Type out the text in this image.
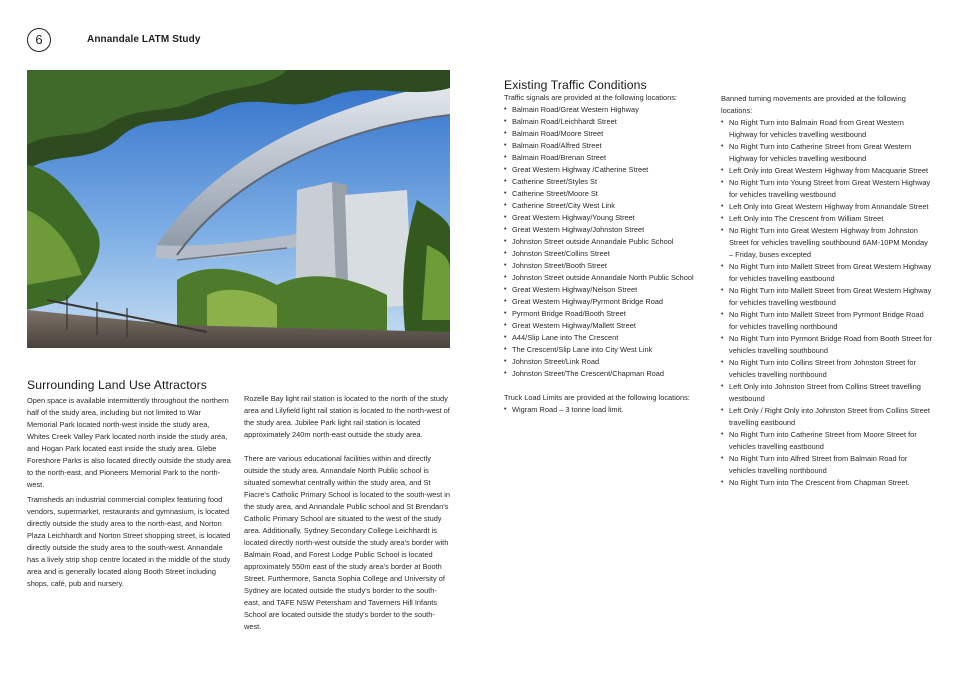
6	Annandale LATM Study
Surrounding Land Use Attractors

Open space is available intermittently throughout the northern half of the study area, including but not limited to War Memorial Park located north-west inside the study area, Whites Creek Valley Park located north inside the study area, and Hogan Park located east inside the study area. Glebe Foreshore Parks is also located directly outside the study area to the north-east, and Pioneers Memorial Park to the north-west.

Tramsheds an industrial commercial complex featuring food vendors, supermarket, restaurants and gymnasium, is located directly outside the study area to the north-east, and Norton Plaza Leichhardt and Norton Street shopping street, is located directly outside the study area to the south-west. Annandale has a lively strip shop centre located in the middle of the study area and is generally located along Booth Street including shops, café, pub and nursery.

Rozelle Bay light rail station is located to the north of the study area and Lilyfield light rail station is located to the north-west of the study area. Jubilee Park light rail station is located approximately 240m north-east outside the study area.

There are various educational facilities within and directly outside the study area. Annandale North Public school is situated somewhat centrally within the study area, and St Fiacre's Catholic Primary School is located to the south-west in the study area, and Annandale Public school and St Brendan's Catholic Primary School are situated to the west of the study area. Additionally, Sydney Secondary College Leichhardt is located directly north-west outside the study area's border with Balmain Road, and Forest Lodge Public School is located approximately 550m east of the study area's border at Booth Street. Furthermore, Sancta Sophia College and University of Sydney are located outside the study's border to the south-east, and TAFE NSW Petersham and Taverners Hill Infants School are located outside the study's border to the south-west.

Existing Traffic Conditions

Traffic signals are provided at the following locations:

• Balmain Road/Great Western Highway
• Balmain Road/Leichhardt Street
• Balmain Road/Moore Street
• Balmain Road/Alfred Street
• Balmain Road/Brenan Street
• Great Western Highway /Catherine Street
• Catherine Street/Styles St
• Catherine Street/Moore St
• Catherine Street/City West Link
• Great Western Highway/Young Street
• Great Western Highway/Johnston Street
• Johnston Street outside Annandale Public School
• Johnston Street/Collins Street
• Johnston Street/Booth Street
• Johnston Street outside Annandale North Public School
• Great Western Highway/Nelson Street
• Great Western Highway/Pyrmont Bridge Road
• Pyrmont Bridge Road/Booth Street
• Great Western Highway/Mallett Street
• A44/Slip Lane into The Crescent
• The Crescent/Slip Lane into City West Link
• Johnston Street/Link Road
• Johnston Street/The Crescent/Chapman Road

Truck Load Limits are provided at the following locations:

• Wigram Road – 3 tonne load limit.

Banned turning movements are provided at the following locations:

• No Right Turn into Balmain Road from Great Western Highway for vehicles travelling westbound
• No Right Turn into Catherine Street from Great Western Highway for vehicles travelling westbound
• Left Only into Great Western Highway from Macquarie Street
• No Right Turn into Young Street from Great Western Highway for vehicles travelling westbound
• Left Only into Great Western Highway from Annandale Street
• Left Only into The Crescent from William Street
• No Right Turn into Great Western Highway from Johnston Street for vehicles travelling southbound 6AM-10PM Monday – Friday, buses excepted
• No Right Turn into Mallett Street from Great Western Highway for vehicles travelling eastbound
• No Right Turn into Mallett Street from Great Western Highway for vehicles travelling westbound
• No Right Turn into Mallett Street from Pyrmont Bridge Road for vehicles travelling northbound
• No Right Turn into Pyrmont Bridge Road from Booth Street for vehicles travelling southbound
• No Right Turn into Collins Street from Johnston Street for vehicles travelling northbound
• Left Only into Johnston Street from Collins Street travelling westbound
• Left Only / Right Only into Johnston Street from Collins Street travelling eastbound
• No Right Turn into Catherine Street from Moore Street for vehicles travelling eastbound
• No Right Turn into Alfred Street from Balmain Road for vehicles travelling northbound
• No Right Turn into The Crescent from Chapman Street.
